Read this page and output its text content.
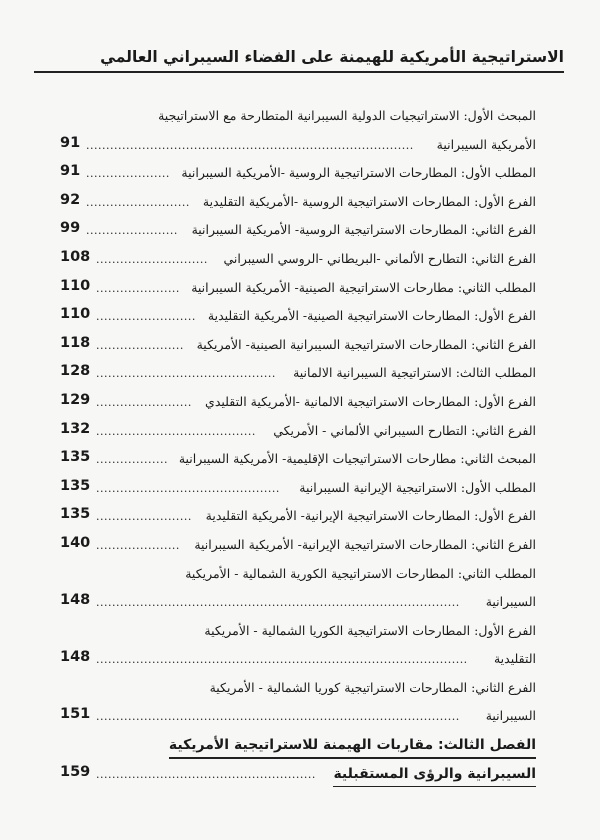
الاستراتيجية الأمريكية للهيمنة على الفضاء السيبراني العالمي
المبحث الأول: الاستراتيجيات الدولية السيبرانية المتطارحة مع الاستراتيجية
الأمريكية السيبرانية
91 ..................................................................................
المطلب الأول: المطارحات الاستراتيجية الروسية -الأمريكية السيبرانية
91 .....................
الفرع الأول: المطارحات الاستراتيجية الروسية -الأمريكية التقليدية
92 ..........................
الفرع الثاني: المطارحات الاستراتيجية الروسية- الأمريكية السيبرانية
99 .......................
الفرع الثاني: التطارح الألماني -البريطاني -الروسي السيبراني
108 ............................
المطلب الثاني: مطارحات الاستراتيجية الصينية- الأمريكية السيبرانية
110 .....................
الفرع الأول: المطارحات الاستراتيجية الصينية- الأمريكية التقليدية
110 .........................
الفرع الثاني: المطارحات الاستراتيجية السيبرانية الصينية- الأمريكية
118 ......................
المطلب الثالث: الاستراتيجية السيبرانية الالمانية
128 .............................................
الفرع الأول: المطارحات الاستراتيجية الالمانية -الأمريكية التقليدي
129 ........................
الفرع الثاني: التطارح السيبراني الألماني - الأمريكي
132 ........................................
المبحث الثاني: مطارحات الاستراتيجيات الإقليمية- الأمريكية السيبرانية
135 ..................
المطلب الأول: الاستراتيجية الإيرانية السيبرانية
135 ..............................................
الفرع الأول: المطارحات الاستراتيجية الإيرانية- الأمريكية التقليدية
135 ........................
الفرع الثاني: المطارحات الاستراتيجية الإيرانية- الأمريكية السيبرانية
140 .....................
المطلب الثاني: المطارحات الاستراتيجية الكورية الشمالية - الأمريكية
السيبرانية
148 ...........................................................................................
الفرع الأول: المطارحات الاستراتيجية الكوريا الشمالية - الأمريكية
التقليدية
148 .............................................................................................
الفرع الثاني: المطارحات الاستراتيجية كوريا الشمالية - الأمريكية
السيبرانية
151 ...........................................................................................
الفصل الثالث: مقاربات الهيمنة للاستراتيجية الأمريكية
السيبرانية والرؤى المستقبلية
159 .......................................................
